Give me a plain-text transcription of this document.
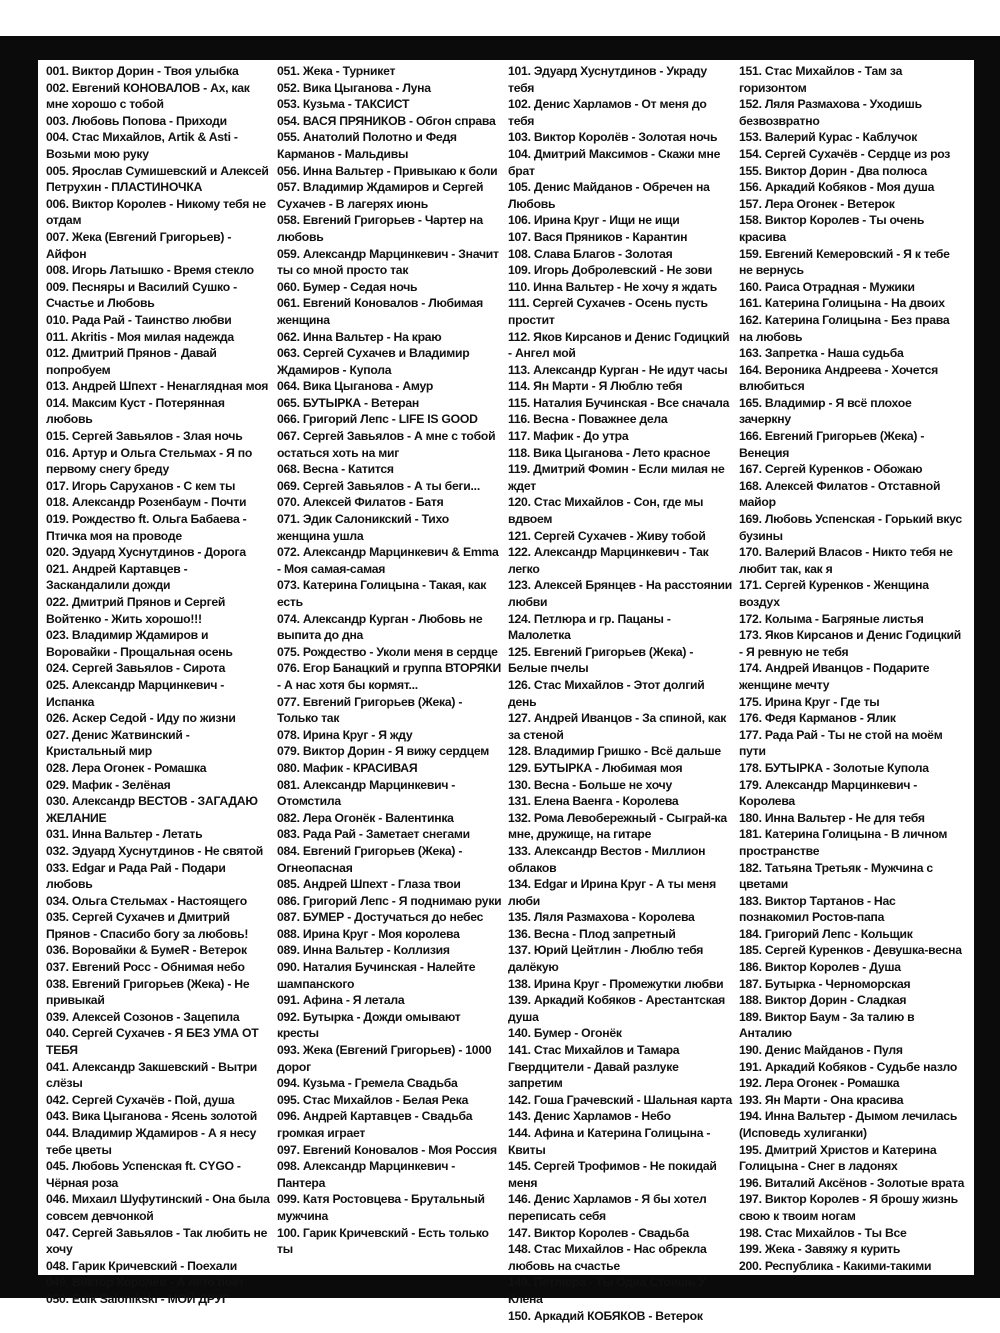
001. Виктор Дорин - Твоя улыбка
002. Евгений КОНОВАЛОВ - Ах, как мне хорошо с тобой
003. Любовь Попова - Приходи
004. Стас Михайлов, Artik & Asti - Возьми мою руку
005. Ярослав Сумишевский и Алексей Петрухин - ПЛАСТИНОЧКА
006. Виктор Королев - Никому тебя не отдам
007. Жека (Евгений Григорьев) - Айфон
008. Игорь Латышко - Время стекло
009. Песняры и Василий Сушко - Счастье и Любовь
010. Рада Рай - Таинство любви
011. Akritis - Моя милая надежда
012. Дмитрий Прянов - Давай попробуем
013. Андрей Шпехт - Ненаглядная моя
014. Максим Куст - Потерянная любовь
015. Сергей Завьялов - Злая ночь
016. Артур и Ольга Стельмах - Я по первому снегу бреду
017. Игорь Саруханов - С кем ты
018. Александр Розенбаум - Почти
019. Рождество ft. Ольга Бабаева - Птичка моя на проводе
020. Эдуард Хуснутдинов - Дорога
021. Андрей Картавцев - Заскандалили дожди
022. Дмитрий Прянов и Сергей Войтенко - Жить хорошо!!!
023. Владимир Ждамиров и Воровайки - Прощальная осень
024. Сергей Завьялов - Сирота
025. Александр Марцинкевич - Испанка
026. Аскер Седой - Иду по жизни
027. Денис Жатвинский - Кристальный мир
028. Лера Огонек - Ромашка
029. Мафик - Зелёная
030. Александр ВЕСТОВ - ЗАГАДАЮ ЖЕЛАНИЕ
031. Инна Вальтер - Летать
032. Эдуард Хуснутдинов - Не святой
033. Edgar и Рада Рай - Подари любовь
034. Ольга Стельмах - Настоящего
035. Сергей Сухачев и Дмитрий Прянов - Спасибо богу за любовь!
036. Воровайки & БумеR - Ветерок
037. Евгений Росс - Обнимая небо
038. Евгений Григорьев (Жека) - Не привыкай
039. Алексей Созонов - Зацепила
040. Сергей Сухачев - Я БЕЗ УМА ОТ ТЕБЯ
041. Александр Закшевский - Вытри слёзы
042. Сергей Сухачёв - Пой, душа
043. Вика Цыганова - Ясень золотой
044. Владимир Ждамиров - А я несу тебе цветы
045. Любовь Успенская ft. CYGO - Чёрная роза
046. Михаил Шуфутинский - Она была совсем девчонкой
047. Сергей Завьялов - Так любить не хочу
048. Гарик Кричевский - Поехали
049. Виктор Королёв - А лето поёт
050. Edik Salonikski - МОЙ ДРУГ
051. Жека - Турникет
052. Вика Цыганова - Луна
053. Кузьма - ТАКСИСТ
054. ВАСЯ ПРЯНИКОВ - Обгон справа
055. Анатолий Полотно и Федя Карманов - Мальдивы
056. Инна Вальтер - Привыкаю к боли
057. Владимир Ждамиров и Сергей Сухачев - В лагерях июнь
058. Евгений Григорьев - Чартер на любовь
059. Александр Марцинкевич - Значит ты со мной просто так
060. Бумер - Седая ночь
061. Евгений Коновалов - Любимая женщина
062. Инна Вальтер - На краю
063. Сергей Сухачев и Владимир Ждамиров - Купола
064. Вика Цыганова - Амур
065. БУТЫРКА - Ветеран
066. Григорий Лепс - LIFE IS GOOD
067. Сергей Завьялов - А мне с тобой остаться хоть на миг
068. Весна - Катится
069. Сергей Завьялов - А ты беги...
070. Алексей Филатов - Батя
071. Эдик Салоникский - Тихо женщина ушла
072. Александр Марцинкевич & Emma - Моя самая-самая
073. Катерина Голицына - Такая, как есть
074. Александр Курган - Любовь не выпита до дна
075. Рождество - Уколи меня в сердце
076. Егор Банацкий и группа ВТОРЯКИ - А нас хотя бы кормят...
077. Евгений Григорьев (Жека) - Только так
078. Ирина Круг - Я жду
079. Виктор Дорин - Я вижу сердцем
080. Мафик - КРАСИВАЯ
081. Александр Марцинкевич - Отомстила
082. Лера Огонёк - Валентинка
083. Рада Рай - Заметает снегами
084. Евгений Григорьев (Жека) - Огнеопасная
085. Андрей Шпехт - Глаза твои
086. Григорий Лепс - Я поднимаю руки
087. БУМЕР - Достучаться до небес
088. Ирина Круг - Моя королева
089. Инна Вальтер - Коллизия
090. Наталия Бучинская - Налейте шампанского
091. Афина - Я летала
092. Бутырка - Дожди омывают кресты
093. Жека (Евгений Григорьев) - 1000 дорог
094. Кузьма - Гремела Свадьба
095. Стас Михайлов - Белая Река
096. Андрей Картавцев - Свадьба громкая играет
097. Евгений Коновалов - Моя Россия
098. Александр Марцинкевич - Пантера
099. Катя Ростовцева - Брутальный мужчина
100. Гарик Кричевский - Есть только ты
101. Эдуард Хуснутдинов - Украду тебя
102. Денис Харламов - От меня до тебя
103. Виктор Королёв - Золотая ночь
104. Дмитрий Максимов - Скажи мне брат
105. Денис Майданов - Обречен на Любовь
106. Ирина Круг - Ищи не ищи
107. Вася Пряников - Карантин
108. Слава Благов - Золотая
109. Игорь Добролевский - Не зови
110. Инна Вальтер - Не хочу я ждать
111. Сергей Сухачев - Осень пусть простит
112. Яков Кирсанов и Денис Годицкий - Ангел мой
113. Александр Курган - Не идут часы
114. Ян Марти - Я Люблю тебя
115. Наталия Бучинская - Все сначала
116. Весна - Поважнее дела
117. Мафик - До утра
118. Вика Цыганова - Лето красное
119. Дмитрий Фомин - Если милая не ждет
120. Стас Михайлов - Сон, где мы вдвоем
121. Сергей Сухачев - Живу тобой
122. Александр Марцинкевич - Так легко
123. Алексей Брянцев - На расстоянии любви
124. Петлюра и гр. Пацаны - Малолетка
125. Евгений Григорьев (Жека) - Белые пчелы
126. Стас Михайлов - Этот долгий день
127. Андрей Иванцов - За спиной, как за стеной
128. Владимир Гришко - Всё дальше
129. БУТЫРКА - Любимая моя
130. Весна - Больше не хочу
131. Елена Ваенга - Королева
132. Рома Левобережный - Сыграй-ка мне, дружище, на гитаре
133. Александр Вестов - Миллион облаков
134. Edgar и Ирина Круг - А ты меня люби
135. Ляля Размахова - Королева
136. Весна - Плод запретный
137. Юрий Цейтлин - Люблю тебя далёкую
138. Ирина Круг - Промежутки любви
139. Аркадий Кобяков - Арестантская душа
140. Бумер - Огонёк
141. Стас Михайлов и Тамара Гвердцители - Давай разлуке запретим
142. Гоша Грачевский - Шальная карта
143. Денис Харламов - Небо
144. Афина и Катерина Голицына - Квиты
145. Сергей Трофимов - Не покидай меня
146. Денис Харламов - Я бы хотел переписать себя
147. Виктор Королев - Свадьба
148. Стас Михайлов - Нас обрекла любовь на счастье
149. Петлюра - Ты Одна Стоишь У Клена
150. Аркадий КОБЯКОВ - Ветерок
151. Стас Михайлов - Там за горизонтом
152. Ляля Размахова - Уходишь безвозвратно
153. Валерий Курас - Каблучок
154. Сергей Сухачёв - Сердце из роз
155. Виктор Дорин - Два полюса
156. Аркадий Кобяков - Моя душа
157. Лера Огонек - Ветерок
158. Виктор Королев - Ты очень красива
159. Евгений Кемеровский - Я к тебе не вернусь
160. Раиса Отрадная - Мужики
161. Катерина Голицына - На двоих
162. Катерина Голицына - Без права на любовь
163. Запретка - Наша судьба
164. Вероника Андреева - Хочется влюбиться
165. Владимир - Я всё плохое зачеркну
166. Евгений Григорьев (Жека) - Венеция
167. Сергей Куренков - Обожаю
168. Алексей Филатов - Отставной майор
169. Любовь Успенская - Горький вкус бузины
170. Валерий Власов - Никто тебя не любит так, как я
171. Сергей Куренков - Женщина воздух
172. Колыма - Багряные листья
173. Яков Кирсанов и Денис Годицкий - Я ревную не тебя
174. Андрей Иванцов - Подарите женщине мечту
175. Ирина Круг - Где ты
176. Федя Карманов - Ялик
177. Рада Рай - Ты не стой на моём пути
178. БУТЫРКА - Золотые Купола
179. Александр Марцинкевич - Королева
180. Инна Вальтер - Не для тебя
181. Катерина Голицына - В личном пространстве
182. Татьяна Третьяк - Мужчина с цветами
183. Виктор Тартанов - Нас познакомил Ростов-папа
184. Григорий Лепс - Кольщик
185. Сергей Куренков - Девушка-весна
186. Виктор Королев - Душа
187. Бутырка - Черноморская
188. Виктор Дорин - Сладкая
189. Виктор Баум - За талию в Анталию
190. Денис Майданов - Пуля
191. Аркадий Кобяков - Судьбе назло
192. Лера Огонек - Ромашка
193. Ян Марти - Она красива
194. Инна Вальтер - Дымом лечилась (Исповедь хулиганки)
195. Дмитрий Христов и Катерина Голицына - Снег в ладонях
196. Виталий Аксёнов - Золотые врата
197. Виктор Королев - Я брошу жизнь свою к твоим ногам
198. Стас Михайлов - Ты Все
199. Жека - Завяжу я курить
200. Республика - Какими-такими
